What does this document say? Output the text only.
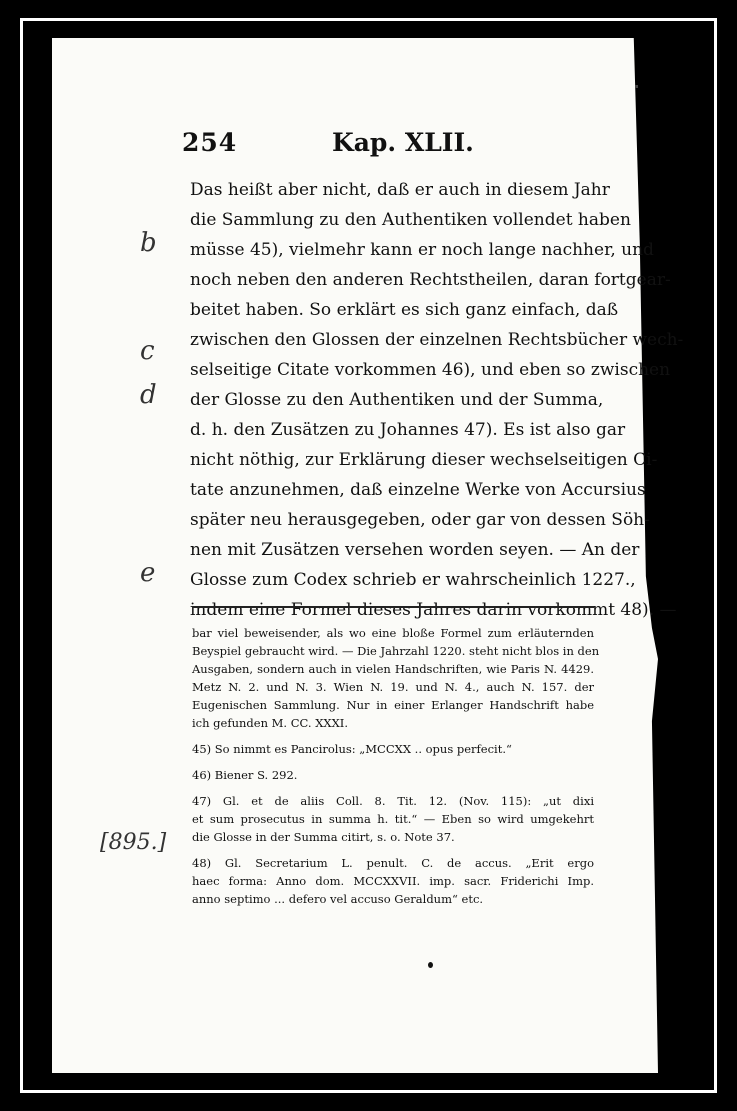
254	Kap. XLII.
Das heißt aber nicht, daß er auch in diesem Jahr
die Sammlung zu den Authentiken vollendet haben
müsse 45), vielmehr kann er noch lange nachher, und
noch neben den anderen Rechtstheilen, daran fortgear-
beitet haben. So erklärt es sich ganz einfach, daß
zwischen den Glossen der einzelnen Rechtsbücher wech-
selseitige Citate vorkommen 46), und eben so zwischen
der Glosse zu den Authentiken und der Summa,
d. h. den Zusätzen zu Johannes 47). Es ist also gar
nicht nöthig, zur Erklärung dieser wechselseitigen Ci-
tate anzunehmen, daß einzelne Werke von Accursius
später neu herausgegeben, oder gar von dessen Söh-
nen mit Zusätzen versehen worden seyen. — An der
Glosse zum Codex schrieb er wahrscheinlich 1227.,
indem eine Formel dieses Jahres darin vorkommt 48). —
bar viel beweisender, als wo eine bloße Formel zum erläuternden
Beyspiel gebraucht wird. — Die Jahrzahl 1220. steht nicht blos in den
Ausgaben, sondern auch in vielen Handschriften, wie Paris N. 4429.
Metz N. 2. und N. 3. Wien N. 19. und N. 4., auch N. 157. der
Eugenischen Sammlung. Nur in einer Erlanger Handschrift habe
ich gefunden M. CC. XXXI.
45) So nimmt es Pancirolus: „MCCXX .. opus perfecit.“
46) Biener S. 292.
47) Gl. et de aliis Coll. 8. Tit. 12. (Nov. 115): „ut dixi
et sum prosecutus in summa h. tit.“ — Eben so wird umgekehrt
die Glosse in der Summa citirt, s. o. Note 37.
48) Gl. Secretarium L. penult. C. de accus. „Erit ergo
haec forma: Anno dom. MCCXXVII. imp. sacr. Friderichi Imp.
anno septimo ... defero vel accuso Geraldum“ etc.
b
c
d
e
[895.]
